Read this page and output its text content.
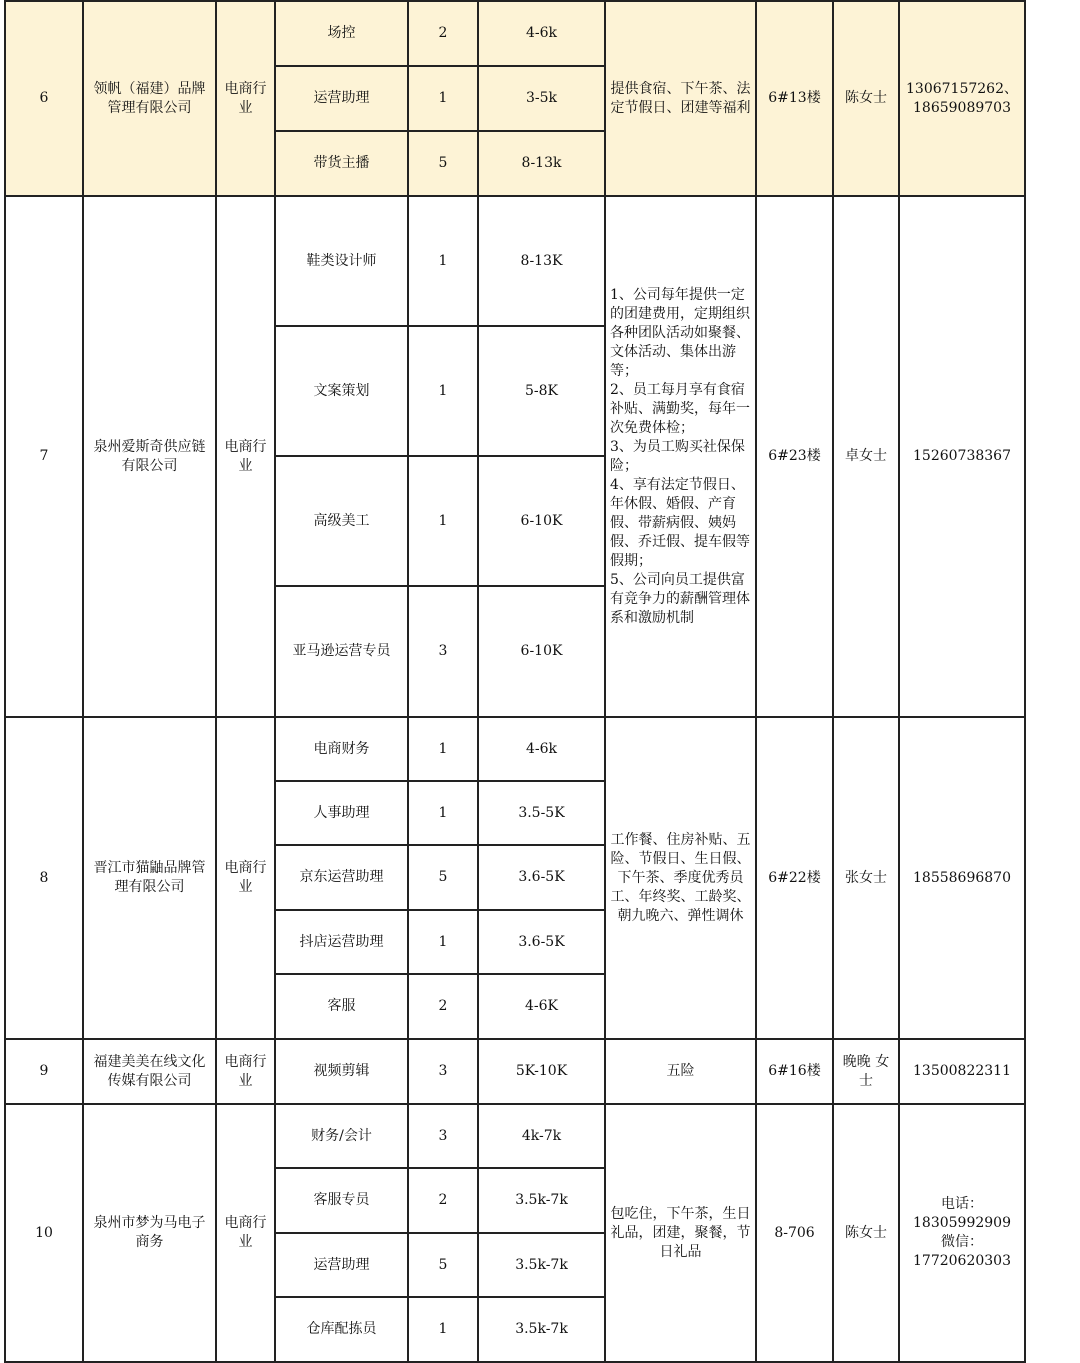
6	领帆（福建）品牌管理有限公司	电商行业	场控	2	4-6k	提供食宿、下午茶、法定节假日、团建等福利	6#13楼	陈女士	13067157262、18659089703
			运营助理	1	3-5k				
			带货主播	5	8-13k				
7	泉州爱斯奇供应链有限公司	电商行业	鞋类设计师	1	8-13K	1、公司每年提供一定的团建费用，定期组织各种团队活动如聚餐、文体活动、集体出游等；
2、员工每月享有食宿补贴、满勤奖，每年一次免费体检；
3、为员工购买社保保险；
4、享有法定节假日、年休假、婚假、产育假、带薪病假、姨妈假、乔迁假、提车假等假期；
5、公司向员工提供富有竞争力的薪酬管理体系和激励机制	6#23楼	卓女士	15260738367
			文案策划	1	5-8K				
			高级美工	1	6-10K				
			亚马逊运营专员	3	6-10K				
8	晋江市猫鼬品牌管理有限公司	电商行业	电商财务	1	4-6k	工作餐、住房补贴、五险、节假日、生日假、下午茶、季度优秀员工、年终奖、工龄奖、朝九晚六、弹性调休	6#22楼	张女士	18558696870
			人事助理	1	3.5-5K				
			京东运营助理	5	3.6-5K				
			抖店运营助理	1	3.6-5K				
			客服	2	4-6K				
9	福建美美在线文化传媒有限公司	电商行业	视频剪辑	3	5K-10K	五险	6#16楼	晚晚 女士	13500822311
10	泉州市梦为马电子商务	电商行业	财务/会计	3	4k-7k	包吃住，下午茶，生日礼品，团建，聚餐，节日礼品	8-706	陈女士	电话：
18305992909
微信：
17720620303
			客服专员	2	3.5k-7k				
			运营助理	5	3.5k-7k				
			仓库配拣员	1	3.5k-7k				
